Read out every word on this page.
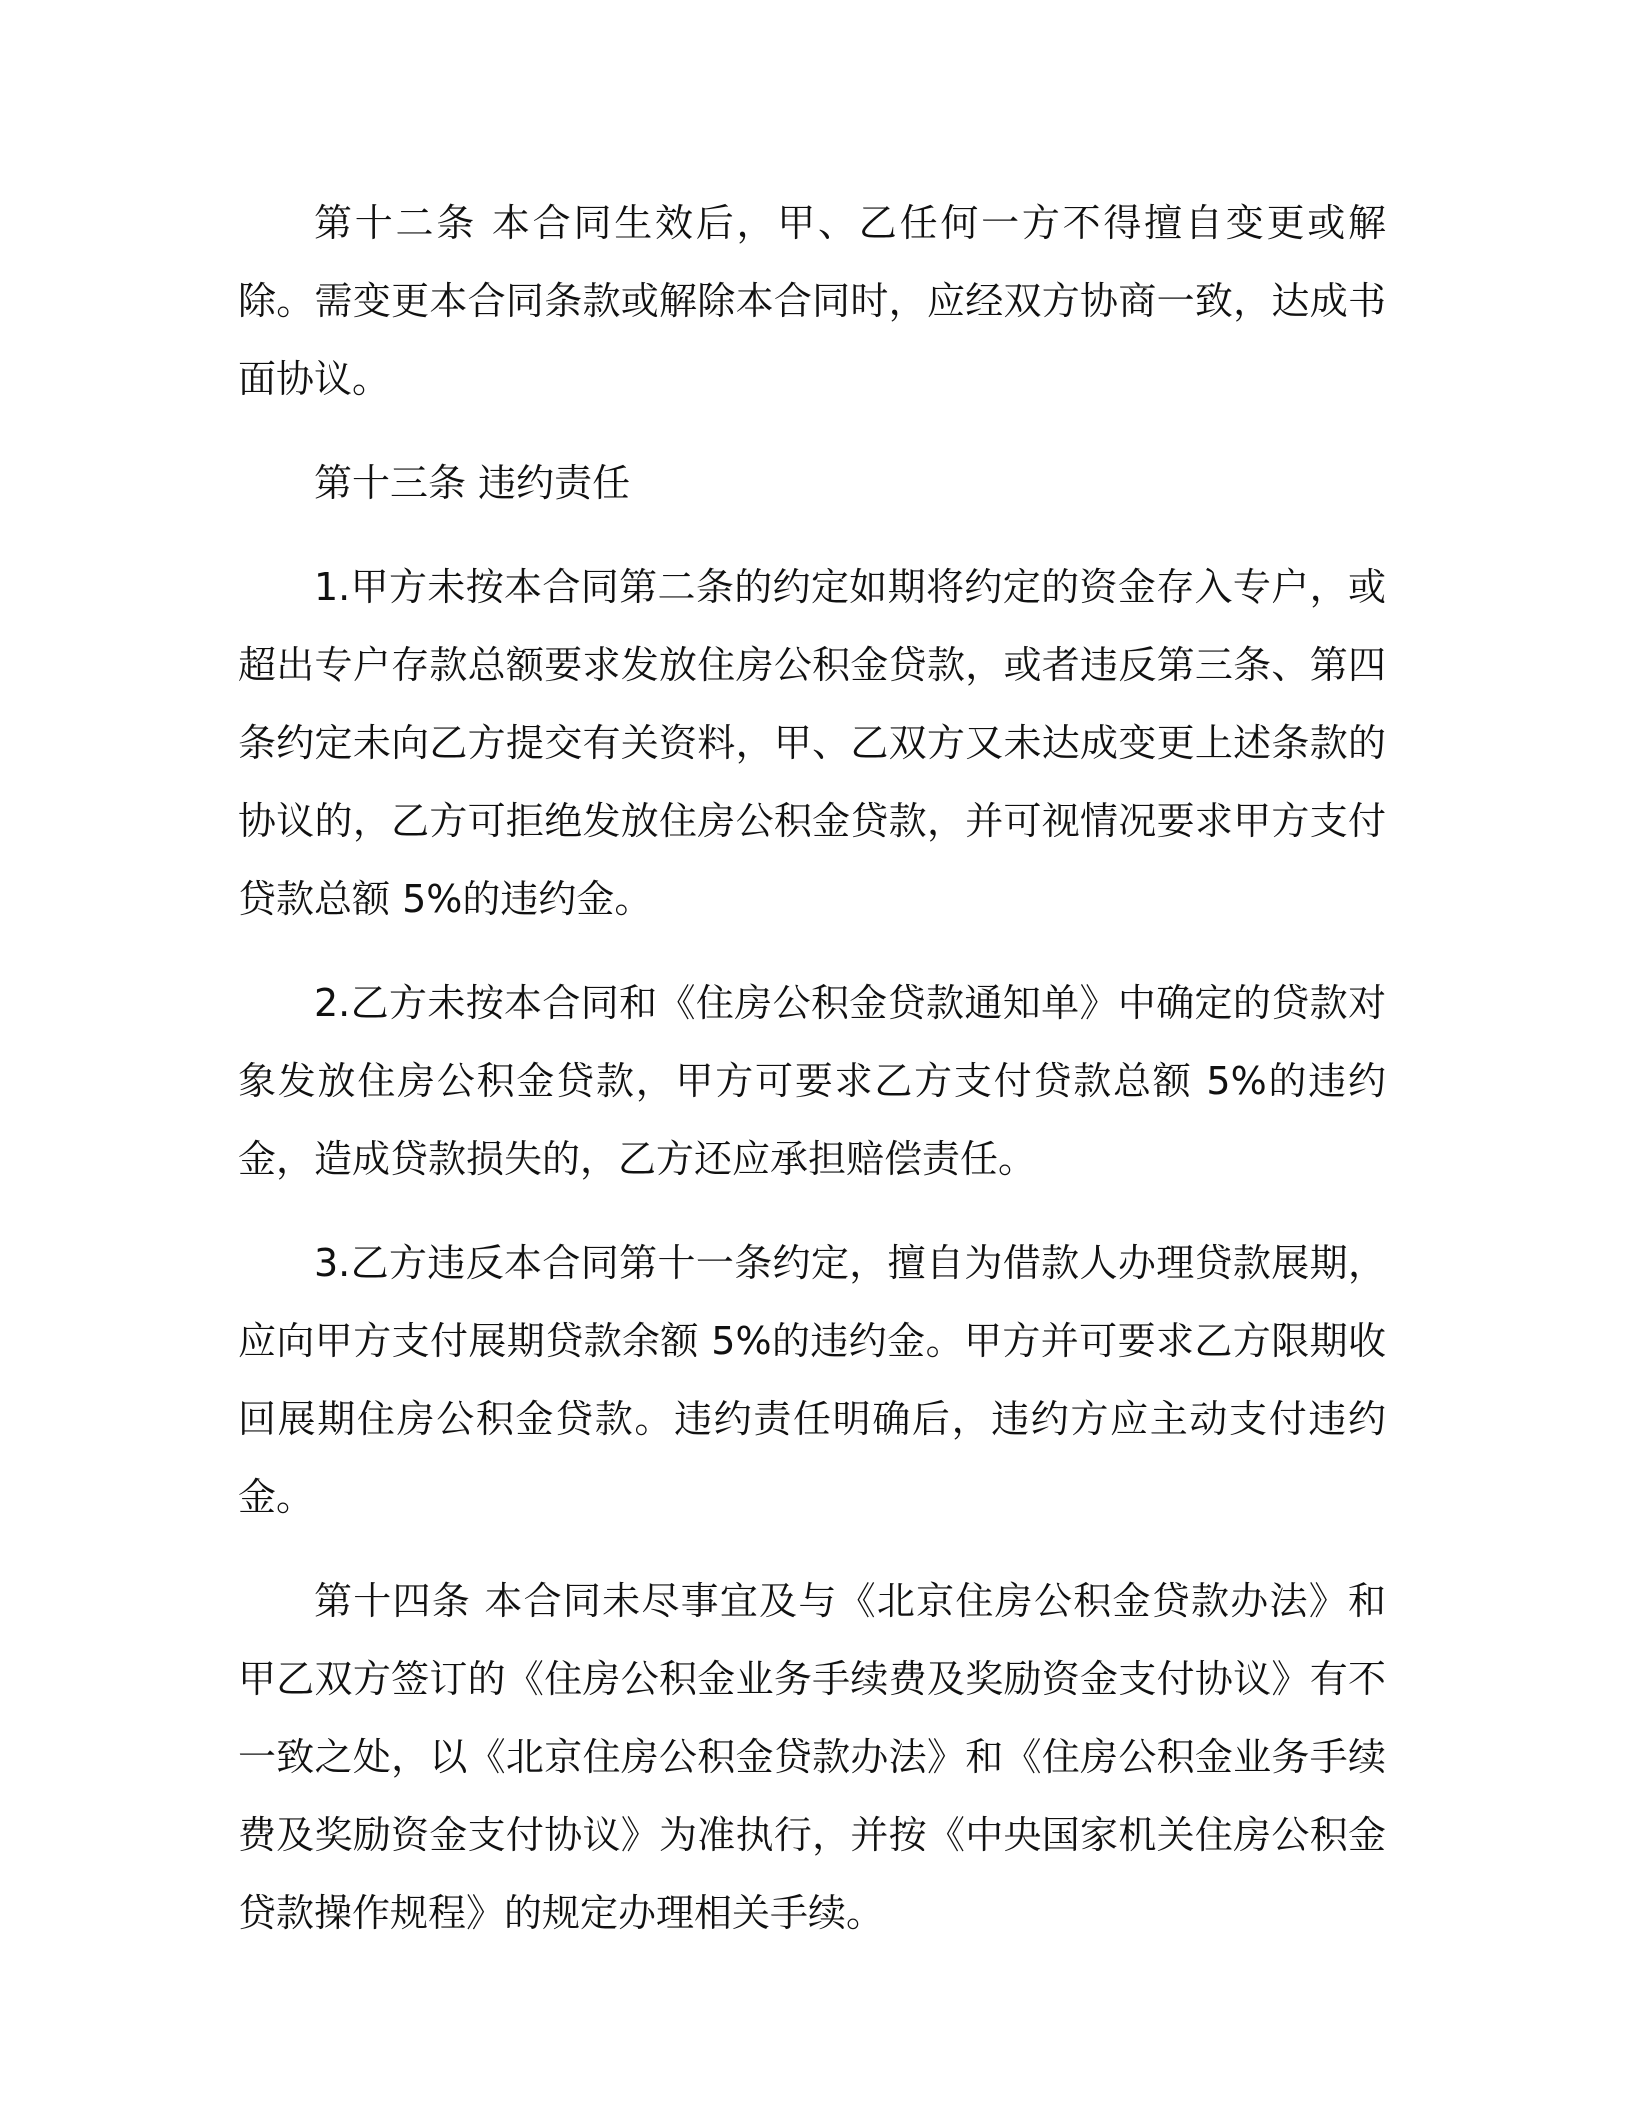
第十二条 本合同生效后，甲、乙任何一方不得擅自变更或解除。需变更本合同条款或解除本合同时，应经双方协商一致，达成书面协议。

第十三条 违约责任

1.甲方未按本合同第二条的约定如期将约定的资金存入专户，或超出专户存款总额要求发放住房公积金贷款，或者违反第三条、第四条约定未向乙方提交有关资料，甲、乙双方又未达成变更上述条款的协议的，乙方可拒绝发放住房公积金贷款，并可视情况要求甲方支付贷款总额 5%的违约金。

2.乙方未按本合同和《住房公积金贷款通知单》中确定的贷款对象发放住房公积金贷款，甲方可要求乙方支付贷款总额 5%的违约金，造成贷款损失的，乙方还应承担赔偿责任。

3.乙方违反本合同第十一条约定，擅自为借款人办理贷款展期，应向甲方支付展期贷款余额 5%的违约金。甲方并可要求乙方限期收回展期住房公积金贷款。违约责任明确后，违约方应主动支付违约金。

第十四条 本合同未尽事宜及与《北京住房公积金贷款办法》和甲乙双方签订的《住房公积金业务手续费及奖励资金支付协议》有不一致之处，以《北京住房公积金贷款办法》和《住房公积金业务手续费及奖励资金支付协议》为准执行，并按《中央国家机关住房公积金贷款操作规程》的规定办理相关手续。
